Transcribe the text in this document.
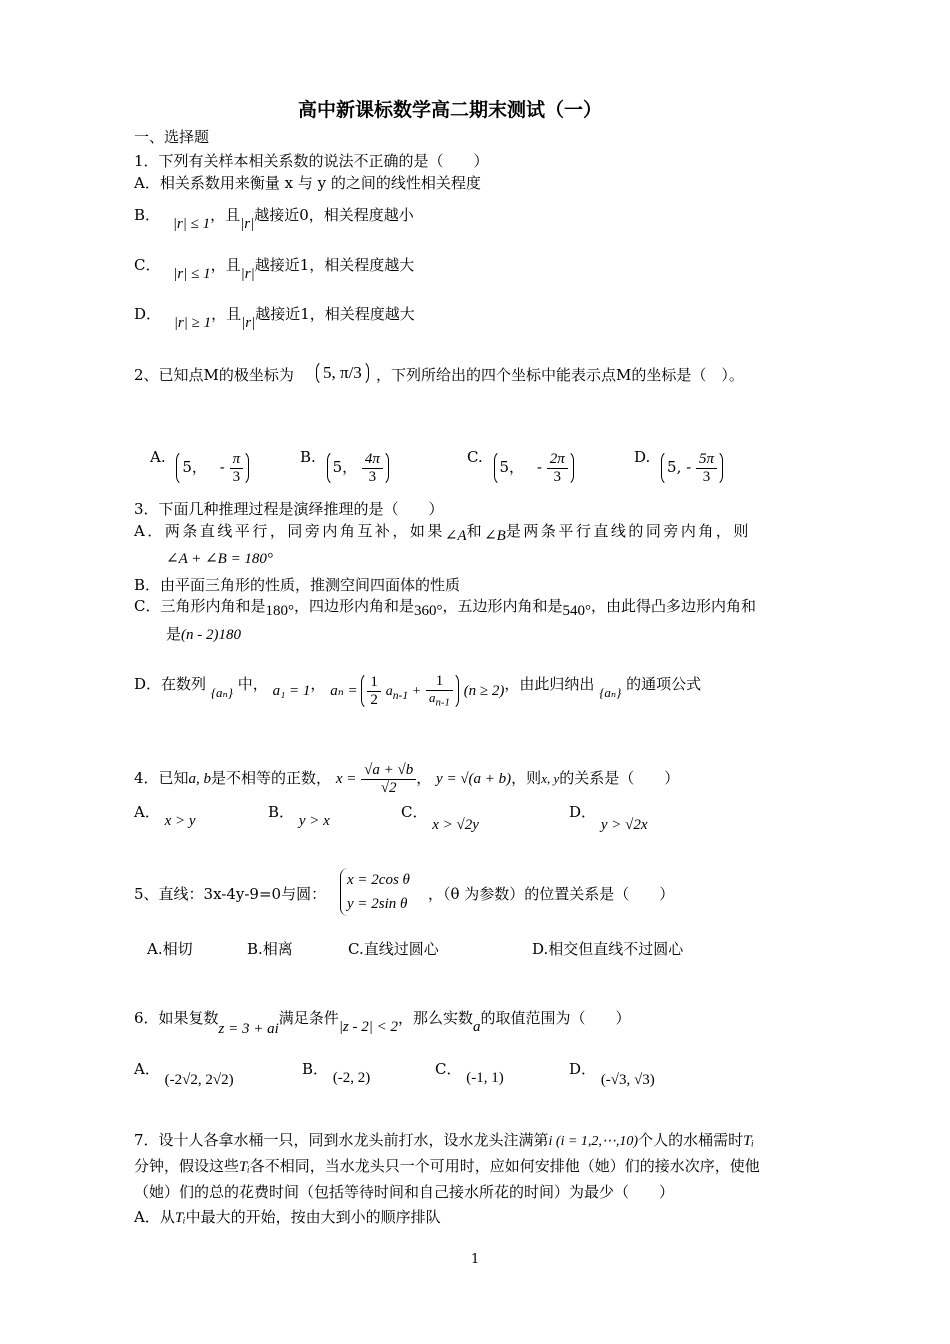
高中新课标数学高二期末测试（一）
一、选择题
1．下列有关样本相关系数的说法不正确的是（　　）
A．相关系数用来衡量 x 与 y 的之间的线性相关程度
B． |r| ≤ 1，且|r|越接近0，相关程度越小
C． |r| ≤ 1，且|r|越接近1，相关程度越大
D． |r| ≥ 1，且|r|越接近1，相关程度越大
2、已知点M的极坐标为	5, π/3 ，下列所给出的四个坐标中能表示点M的坐标是（　）。
A. 5， - $\frac{\pi}{3}$	B. 5， $\frac{4\pi}{3}$	C. 5， - $\frac{2\pi}{3}$	D. 5, - $\frac{5\pi}{3}$
3．下面几种推理过程是演绎推理的是（　　）
A．两条直线平行，同旁内角互补，如果∠A和∠B是两条平行直线的同旁内角，则
∠A + ∠B = 180°
B．由平面三角形的性质，推测空间四面体的性质
C．三角形内角和是180°，四边形内角和是360°，五边形内角和是540°，由此得凸多边形内角和
是(n - 2)180
D．在数列 {aₙ} 中， a₁ = 1， $a_n = \frac{1}{2} a_{n-1} + \frac{1}{a_{n-1}} (n \ge 2)$，由此归纳出 {aₙ} 的通项公式
4．已知a, b是不相等的正数， $x = \frac{√a + √b}{√2}$ ， y = √(a + b)，则x, y的关系是（　　）
A． x > y	B． y > x	C． x > √2y
D． y > √2x
5、直线：3x-4y-9=0与圆：
x = 2cos θ
y = 2sin θ
，（θ 为参数）的位置关系是（　　）
A.相切	B.相离	C.直线过圆心	D.相交但直线不过圆心
6．如果复数z = 3 + ai满足条件|z - 2| < 2，那么实数a的取值范围为（　　）
A． (-2√2, 2√2)
B． (-2, 2)	C． (-1, 1)	D． (-√3, √3)
7．设十人各拿水桶一只，同到水龙头前打水，设水龙头注满第i (i = 1,2,⋯,10)个人的水桶需时Tᵢ
分钟，假设这些Tᵢ各不相同，当水龙头只一个可用时，应如何安排他（她）们的接水次序，使他
（她）们的总的花费时间（包括等待时间和自己接水所花的时间）为最少（　　）
A．从Tᵢ中最大的开始，按由大到小的顺序排队
1
